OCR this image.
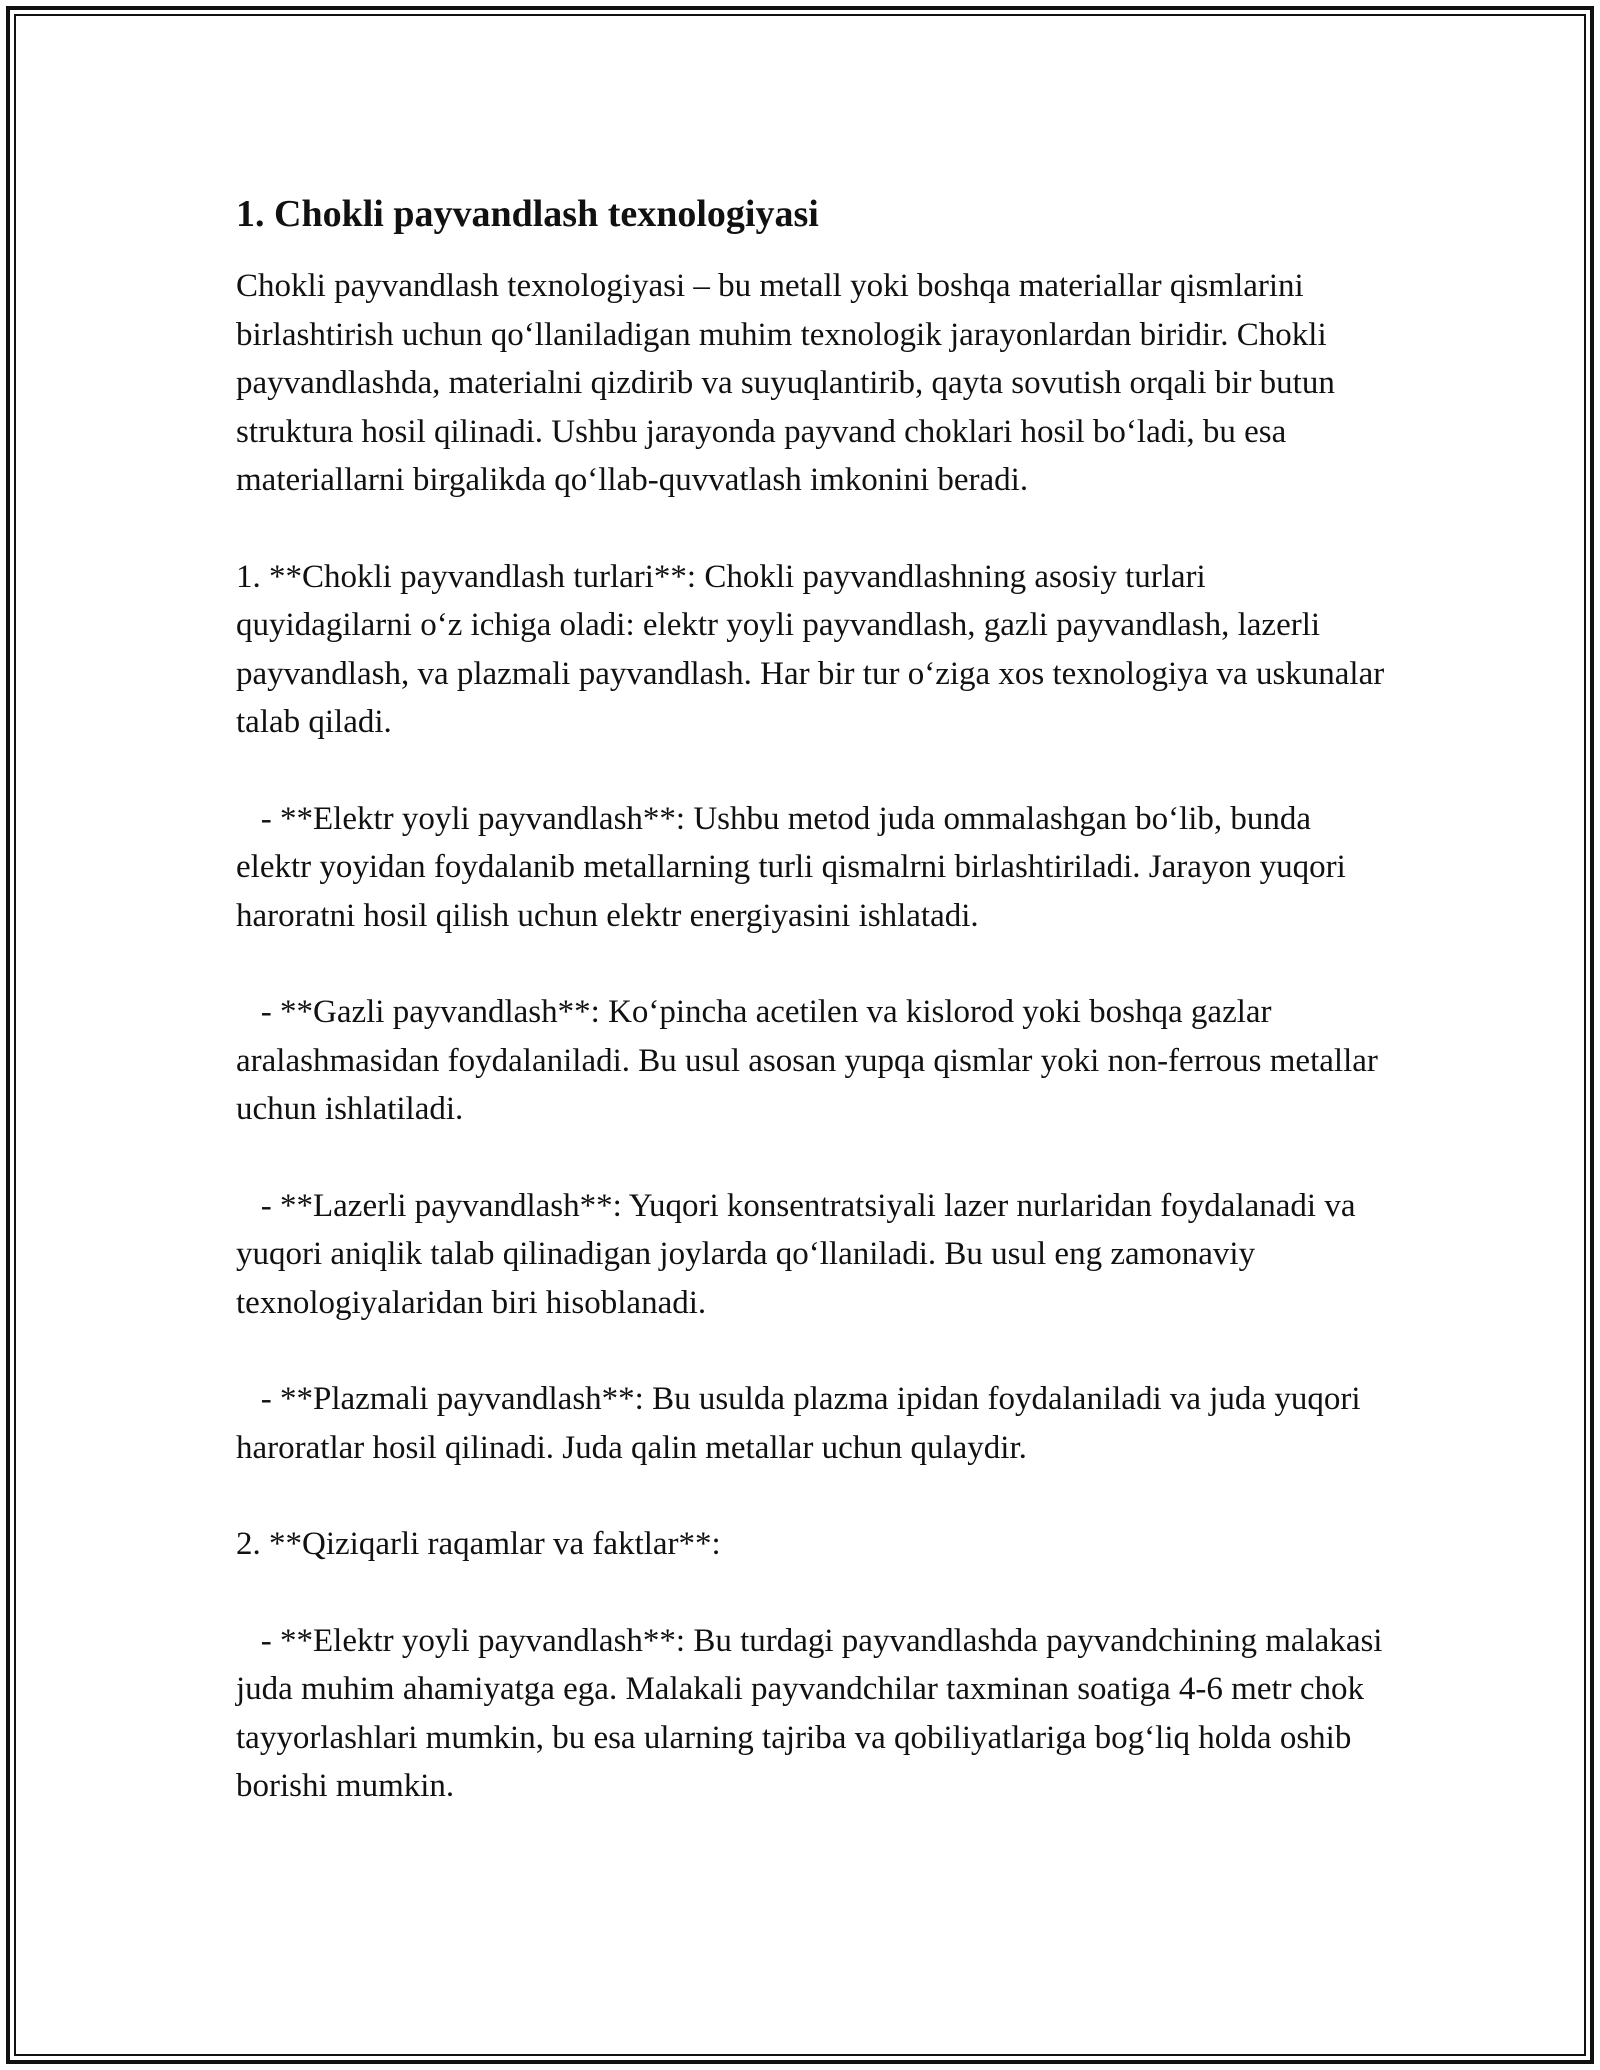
1. Chokli payvandlash texnologiyasi

Chokli payvandlash texnologiyasi – bu metall yoki boshqa materiallar qismlarini birlashtirish uchun qo‘llaniladigan muhim texnologik jarayonlardan biridir. Chokli payvandlashda, materialni qizdirib va suyuqlantirib, qayta sovutish orqali bir butun struktura hosil qilinadi. Ushbu jarayonda payvand choklari hosil bo‘ladi, bu esa materiallarni birgalikda qo‘llab-quvvatlash imkonini beradi.

1. **Chokli payvandlash turlari**: Chokli payvandlashning asosiy turlari quyidagilarni o‘z ichiga oladi: elektr yoyli payvandlash, gazli payvandlash, lazerli payvandlash, va plazmali payvandlash. Har bir tur o‘ziga xos texnologiya va uskunalar talab qiladi.

- **Elektr yoyli payvandlash**: Ushbu metod juda ommalashgan bo‘lib, bunda elektr yoyidan foydalanib metallarning turli qismalrni birlashtiriladi. Jarayon yuqori haroratni hosil qilish uchun elektr energiyasini ishlatadi.

- **Gazli payvandlash**: Ko‘pincha acetilen va kislorod yoki boshqa gazlar aralashmasidan foydalaniladi. Bu usul asosan yupqa qismlar yoki non-ferrous metallar uchun ishlatiladi.

- **Lazerli payvandlash**: Yuqori konsentratsiyali lazer nurlaridan foydalanadi va yuqori aniqlik talab qilinadigan joylarda qo‘llaniladi. Bu usul eng zamonaviy texnologiyalaridan biri hisoblanadi.

- **Plazmali payvandlash**: Bu usulda plazma ipidan foydalaniladi va juda yuqori haroratlar hosil qilinadi. Juda qalin metallar uchun qulaydir.

2. **Qiziqarli raqamlar va faktlar**:

- **Elektr yoyli payvandlash**: Bu turdagi payvandlashda payvandchining malakasi juda muhim ahamiyatga ega. Malakali payvandchilar taxminan soatiga 4-6 metr chok tayyorlashlari mumkin, bu esa ularning tajriba va qobiliyatlariga bog‘liq holda oshib borishi mumkin.
